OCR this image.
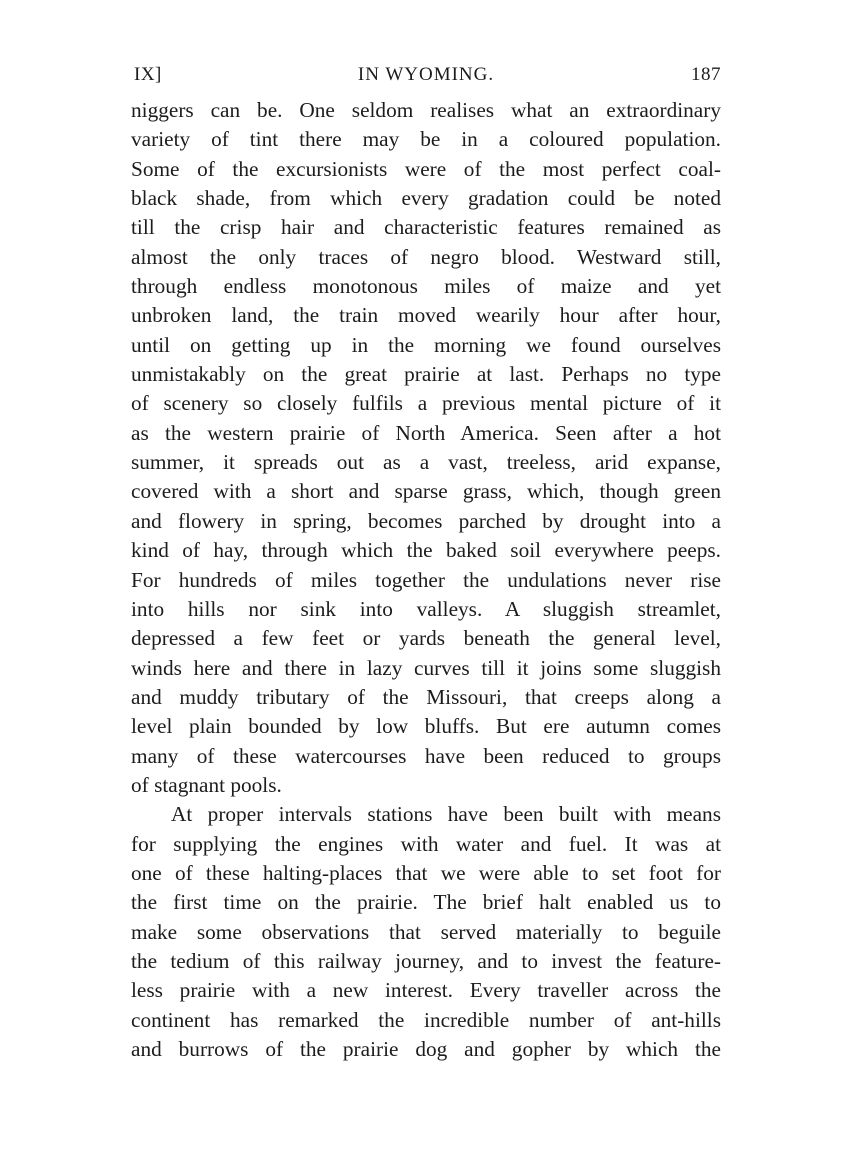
IX]	IN WYOMING.	187
niggers can be. One seldom realises what an extraordinary
variety of tint there may be in a coloured population.
Some of the excursionists were of the most perfect coal-
black shade, from which every gradation could be noted
till the crisp hair and characteristic features remained as
almost the only traces of negro blood. Westward still,
through endless monotonous miles of maize and yet
unbroken land, the train moved wearily hour after hour,
until on getting up in the morning we found ourselves
unmistakably on the great prairie at last. Perhaps no type
of scenery so closely fulfils a previous mental picture of it
as the western prairie of North America. Seen after a hot
summer, it spreads out as a vast, treeless, arid expanse,
covered with a short and sparse grass, which, though green
and flowery in spring, becomes parched by drought into a
kind of hay, through which the baked soil everywhere peeps.
For hundreds of miles together the undulations never rise
into hills nor sink into valleys. A sluggish streamlet,
depressed a few feet or yards beneath the general level,
winds here and there in lazy curves till it joins some sluggish
and muddy tributary of the Missouri, that creeps along a
level plain bounded by low bluffs. But ere autumn comes
many of these watercourses have been reduced to groups
of stagnant pools.
At proper intervals stations have been built with means
for supplying the engines with water and fuel. It was at
one of these halting-places that we were able to set foot for
the first time on the prairie. The brief halt enabled us to
make some observations that served materially to beguile
the tedium of this railway journey, and to invest the feature-
less prairie with a new interest. Every traveller across the
continent has remarked the incredible number of ant-hills
and burrows of the prairie dog and gopher by which the
